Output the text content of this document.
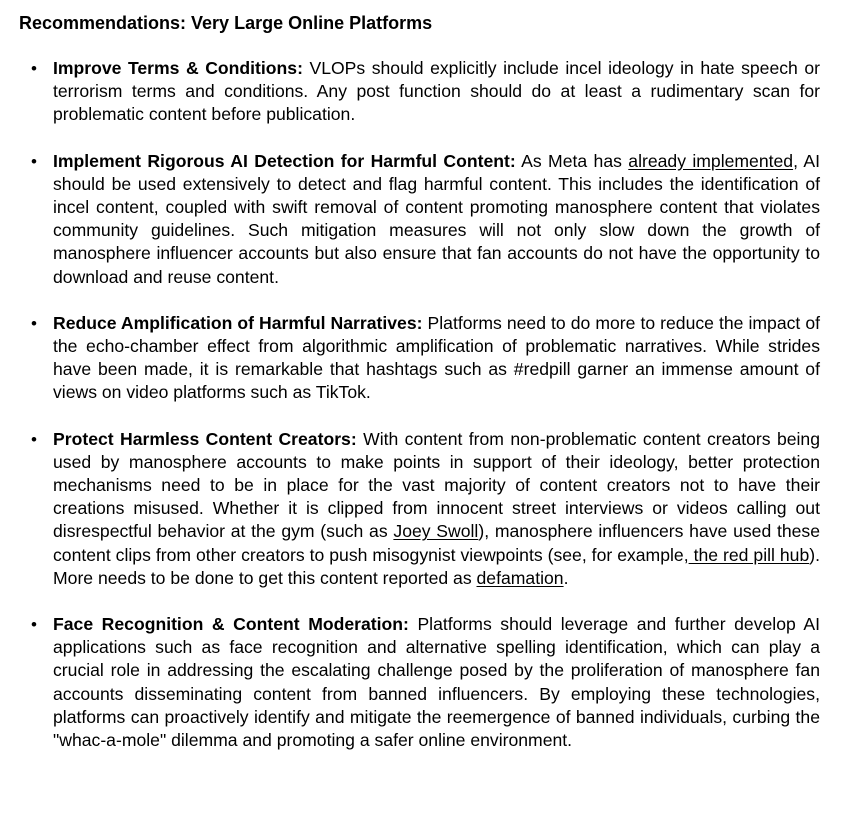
Recommendations: Very Large Online Platforms
• Improve Terms & Conditions: VLOPs should explicitly include incel ideology in hate speech or terrorism terms and conditions. Any post function should do at least a rudimentary scan for problematic content before publication.
• Implement Rigorous AI Detection for Harmful Content: As Meta has already implemented, AI should be used extensively to detect and flag harmful content. This includes the identification of incel content, coupled with swift removal of content promoting manosphere content that violates community guidelines. Such mitigation measures will not only slow down the growth of manosphere influencer accounts but also ensure that fan accounts do not have the opportunity to download and reuse content.
• Reduce Amplification of Harmful Narratives: Platforms need to do more to reduce the impact of the echo-chamber effect from algorithmic amplification of problematic narratives. While strides have been made, it is remarkable that hashtags such as #redpill garner an immense amount of views on video platforms such as TikTok.
• Protect Harmless Content Creators: With content from non-problematic content creators being used by manosphere accounts to make points in support of their ideology, better protection mechanisms need to be in place for the vast majority of content creators not to have their creations misused. Whether it is clipped from innocent street interviews or videos calling out disrespectful behavior at the gym (such as Joey Swoll), manosphere influencers have used these content clips from other creators to push misogynist viewpoints (see, for example, the red pill hub). More needs to be done to get this content reported as defamation.
• Face Recognition & Content Moderation: Platforms should leverage and further develop AI applications such as face recognition and alternative spelling identification, which can play a crucial role in addressing the escalating challenge posed by the proliferation of manosphere fan accounts disseminating content from banned influencers. By employing these technologies, platforms can proactively identify and mitigate the reemergence of banned individuals, curbing the "whac-a-mole" dilemma and promoting a safer online environment.
